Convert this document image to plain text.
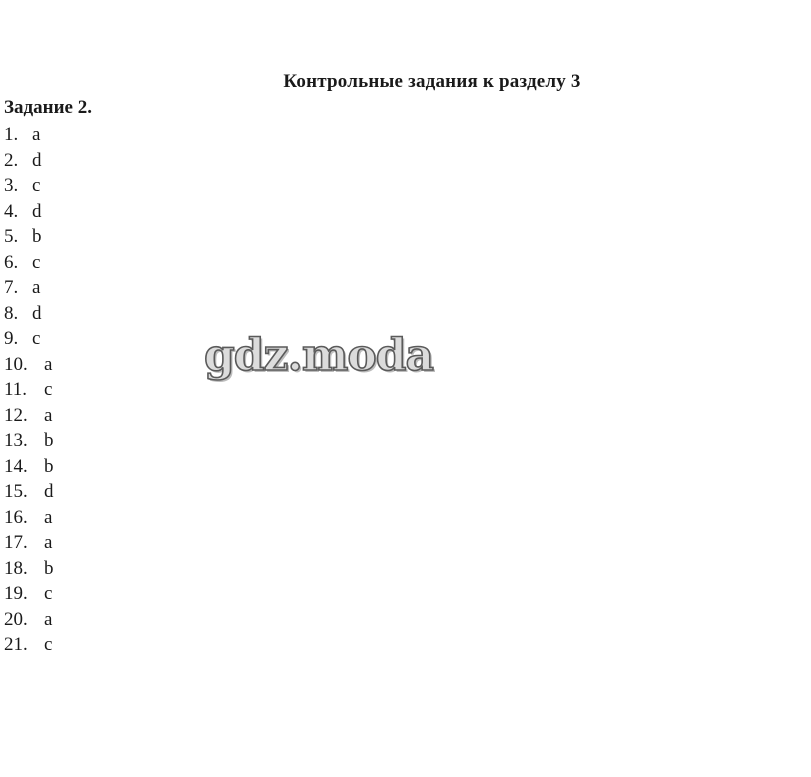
Контрольные задания к разделу 3
Задание 2.
1. a
2. d
3. c
4. d
5. b
6. c
7. a
8. d
9. c
10. a
11. c
12. a
13. b
14. b
15. d
16. a
17. a
18. b
19. c
20. a
21. c
gdz.moda
